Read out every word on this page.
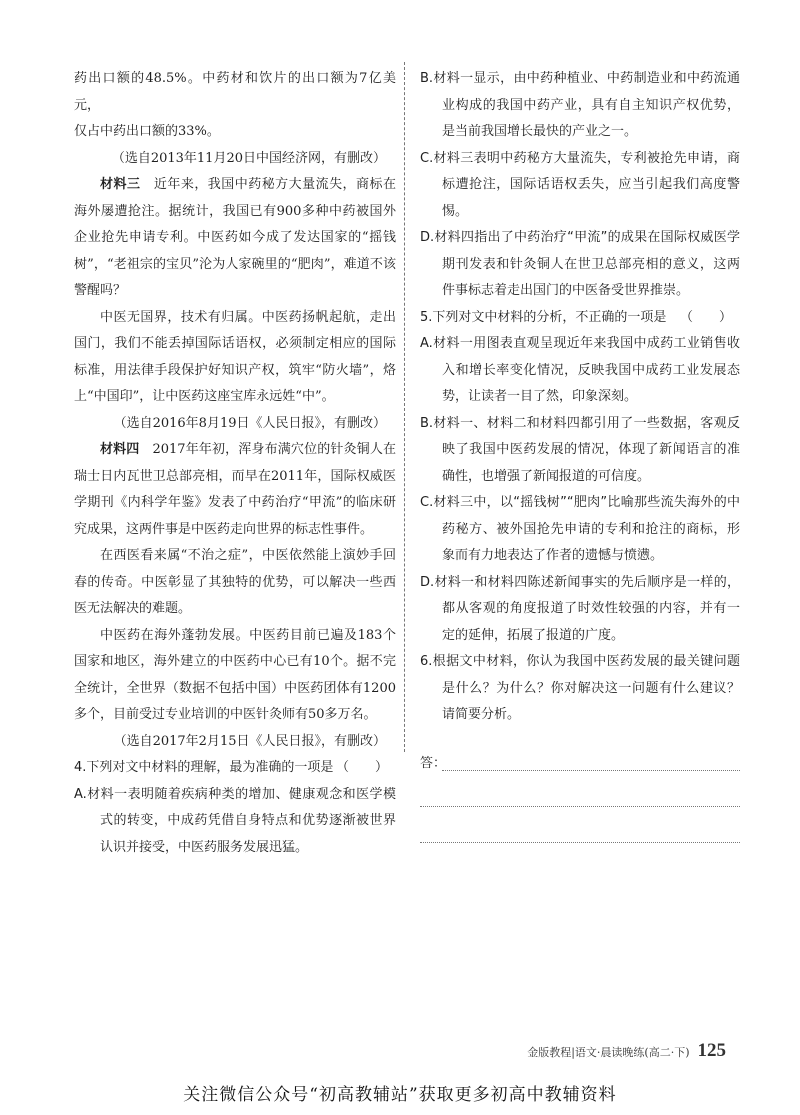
药出口额的48.5%。中药材和饮片的出口额为7亿美元，

仅占中药出口额的33%。

（选自2013年11月20日中国经济网，有删改）

材料三  近年来，我国中药秘方大量流失，商标在海外屡遭抢注。据统计，我国已有900多种中药被国外企业抢先申请专利。中医药如今成了发达国家的“摇钱树”，“老祖宗的宝贝”沦为人家碗里的“肥肉”，难道不该警醒吗？

中医无国界，技术有归属。中医药扬帆起航，走出国门，我们不能丢掉国际话语权，必须制定相应的国际标准，用法律手段保护好知识产权，筑牢“防火墙”，烙上“中国印”，让中医药这座宝库永远姓“中”。

（选自2016年8月19日《人民日报》，有删改）

材料四  2017年年初，浑身布满穴位的针灸铜人在瑞士日内瓦世卫总部亮相，而早在2011年，国际权威医学期刊《内科学年鉴》发表了中药治疗“甲流”的临床研究成果，这两件事是中医药走向世界的标志性事件。

在西医看来属“不治之症”，中医依然能上演妙手回春的传奇。中医彰显了其独特的优势，可以解决一些西医无法解决的难题。

中医药在海外蓬勃发展。中医药目前已遍及183个国家和地区，海外建立的中医药中心已有10个。据不完全统计，全世界（数据不包括中国）中医药团体有1200多个，目前受过专业培训的中医针灸师有50多万名。

（选自2017年2月15日《人民日报》，有删改）

4.下列对文中材料的理解，最为准确的一项是 （　　）

A.材料一表明随着疾病种类的增加、健康观念和医学模式的转变，中成药凭借自身特点和优势逐渐被世界认识并接受，中医药服务发展迅猛。

B.材料一显示，由中药种植业、中药制造业和中药流通业构成的我国中药产业，具有自主知识产权优势，是当前我国增长最快的产业之一。

C.材料三表明中药秘方大量流失，专利被抢先申请，商标遭抢注，国际话语权丢失，应当引起我们高度警惕。

D.材料四指出了中药治疗“甲流”的成果在国际权威医学期刊发表和针灸铜人在世卫总部亮相的意义，这两件事标志着走出国门的中医备受世界推崇。

5.下列对文中材料的分析，不正确的一项是 （　　）

A.材料一用图表直观呈现近年来我国中成药工业销售收入和增长率变化情况，反映我国中成药工业发展态势，让读者一目了然，印象深刻。

B.材料一、材料二和材料四都引用了一些数据，客观反映了我国中医药发展的情况，体现了新闻语言的准确性，也增强了新闻报道的可信度。

C.材料三中，以“摇钱树”“肥肉”比喻那些流失海外的中药秘方、被外国抢先申请的专利和抢注的商标，形象而有力地表达了作者的遗憾与愤懑。

D.材料一和材料四陈述新闻事实的先后顺序是一样的，都从客观的角度报道了时效性较强的内容，并有一定的延伸，拓展了报道的广度。

6.根据文中材料，你认为我国中医药发展的最关键问题是什么？为什么？你对解决这一问题有什么建议？请简要分析。

答：
金版教程|语文·晨读晚练(高二·下) 125
关注微信公众号“初高教辅站”获取更多初高中教辅资料
